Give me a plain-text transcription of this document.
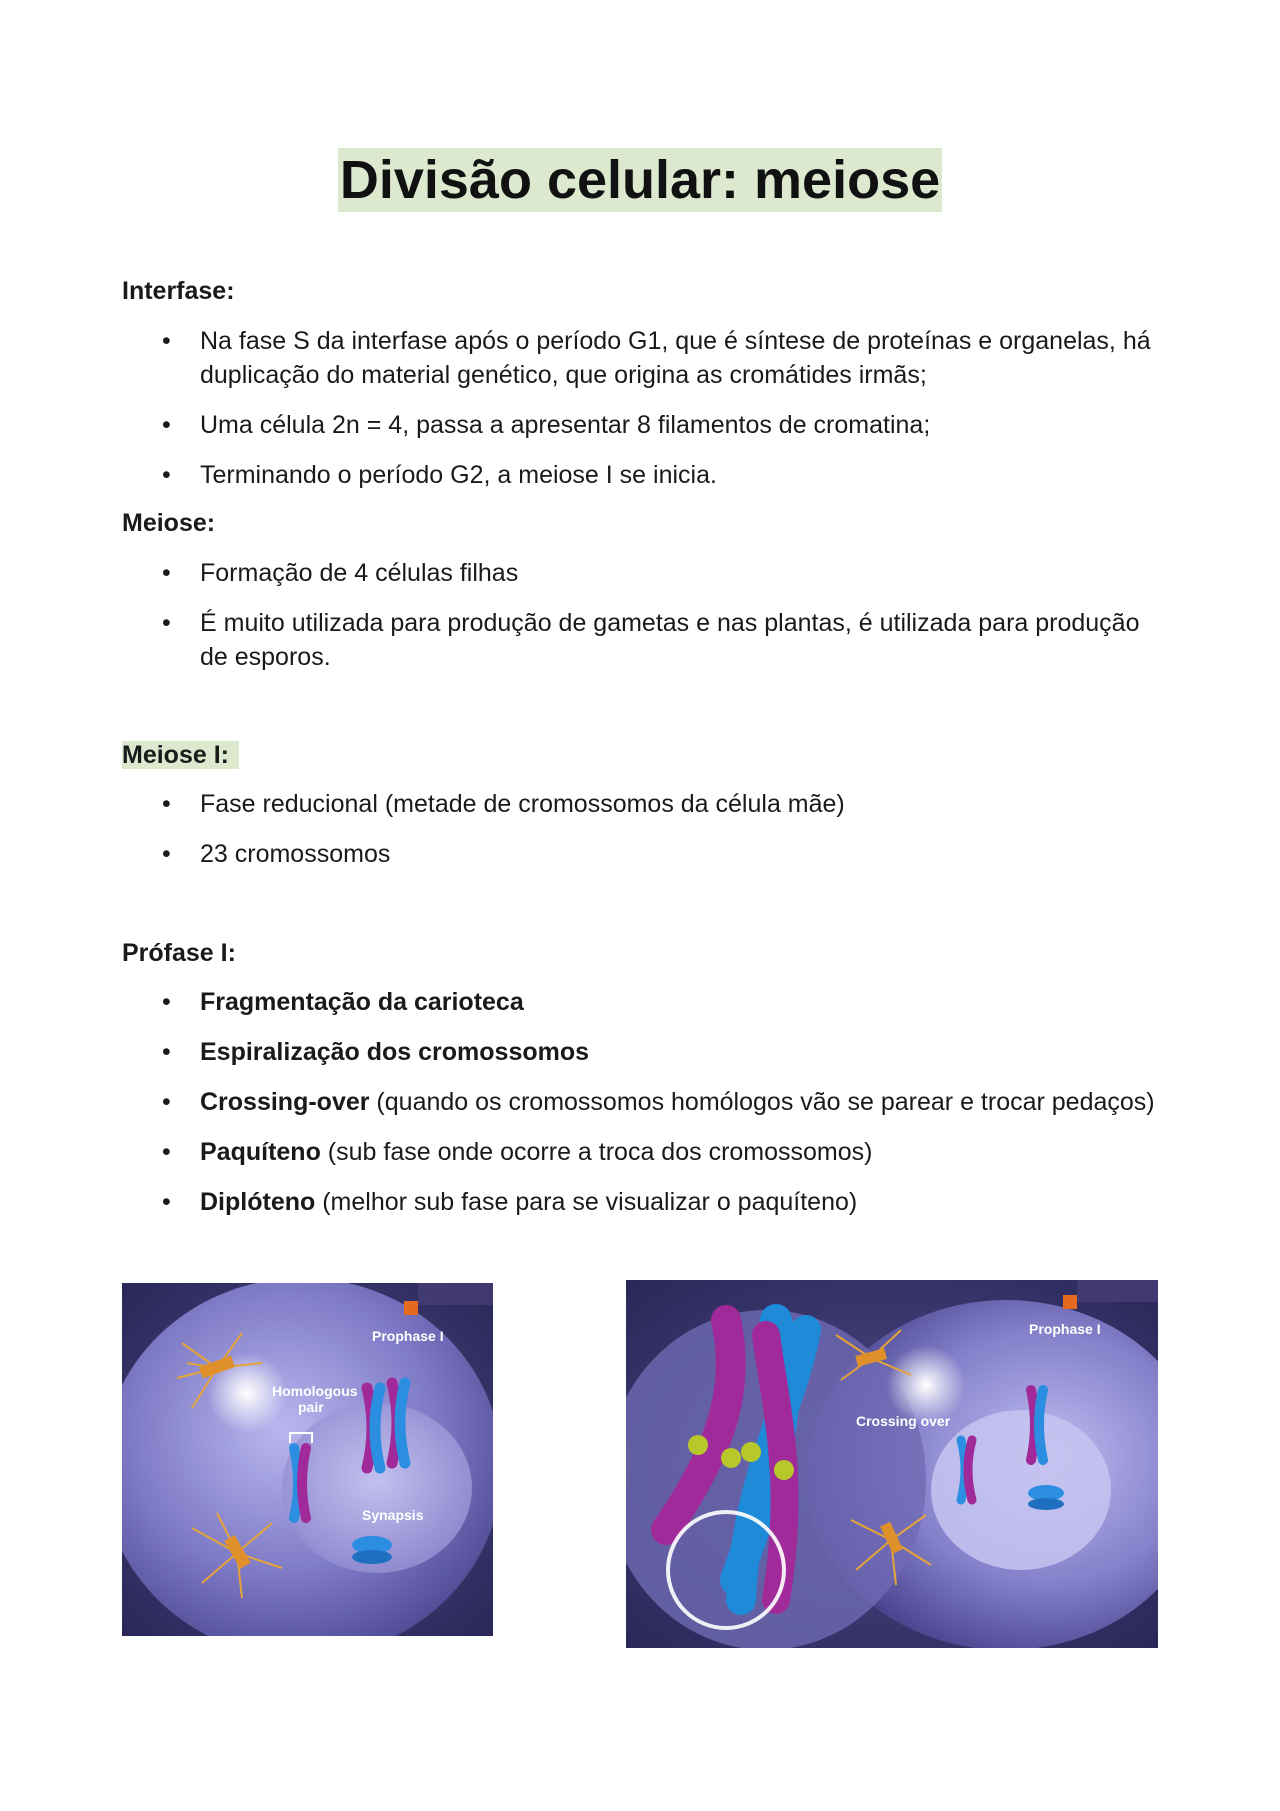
Divisão celular: meiose
Interfase:
• Na fase S da interfase após o período G1, que é síntese de proteínas e organelas, há duplicação do material genético, que origina as cromátides irmãs;
• Uma célula 2n = 4, passa a apresentar 8 filamentos de cromatina;
• Terminando o período G2, a meiose I se inicia.
Meiose:
• Formação de 4 células filhas
• É muito utilizada para produção de gametas e nas plantas, é utilizada para produção de esporos.
Meiose I:
• Fase reducional (metade de cromossomos da célula mãe)
• 23 cromossomos
Prófase I:
• Fragmentação da carioteca
• Espiralização dos cromossomos
• Crossing-over (quando os cromossomos homólogos vão se parear e trocar pedaços)
• Paquíteno (sub fase onde ocorre a troca dos cromossomos)
• Diplóteno (melhor sub fase para se visualizar o paquíteno)
Prophase I
Homologous
pair
Synapsis
Prophase I
Crossing over
